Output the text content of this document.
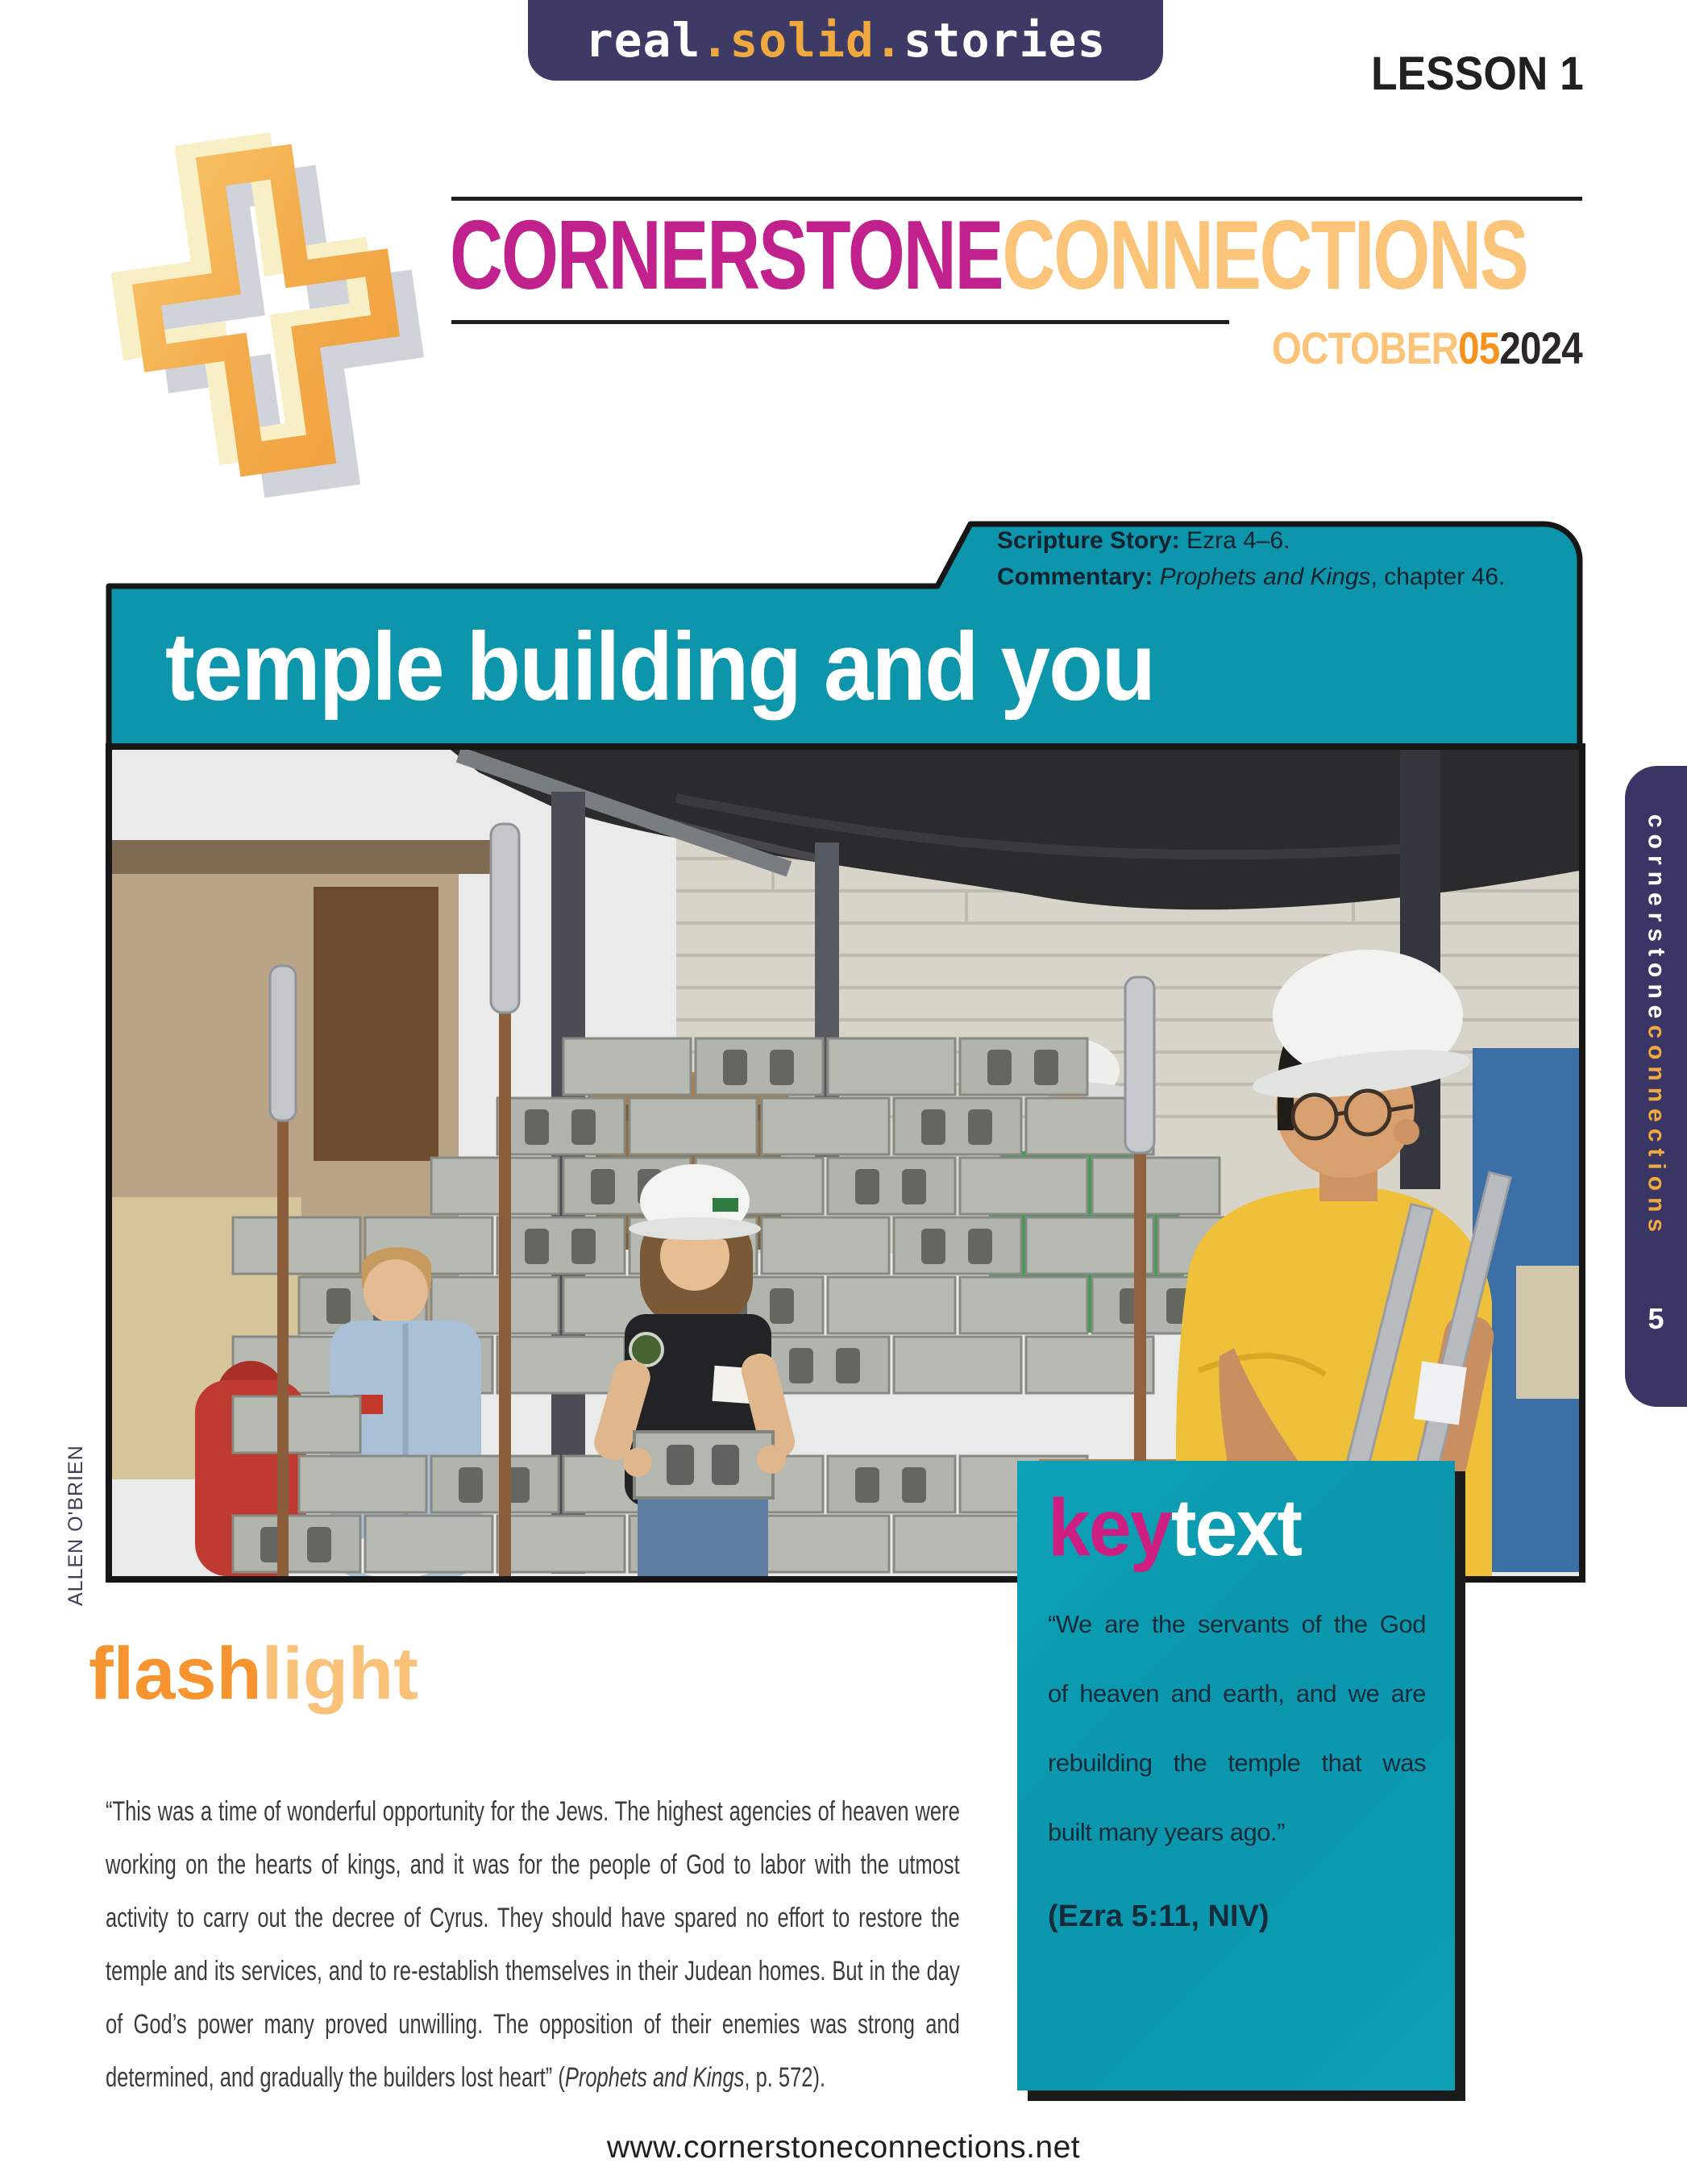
real . solid . stories
LESSON 1
CORNERSTONECONNECTIONS
OCTOBER052024
Scripture Story: Ezra 4–6.
Commentary: Prophets and Kings, chapter 46.
temple building and you
ALLEN O'BRIEN
cornerstoneconnections
5
keytext
“We are the servants of the God
of heaven and earth, and we are
rebuilding the temple that was
built many years ago.”
(Ezra 5:11, NIV)
flashlight

“This was a time of wonderful opportunity for the Jews. The highest agencies of heaven were working on the hearts of kings, and it was for the people of God to labor with the utmost activity to carry out the decree of Cyrus. They should have spared no effort to restore the temple and its services, and to re-establish themselves in their Judean homes. But in the day of God’s power many proved unwilling. The opposition of their enemies was strong and determined, and gradually the builders lost heart” (Prophets and Kings, p. 572).

www.cornerstoneconnections.net
